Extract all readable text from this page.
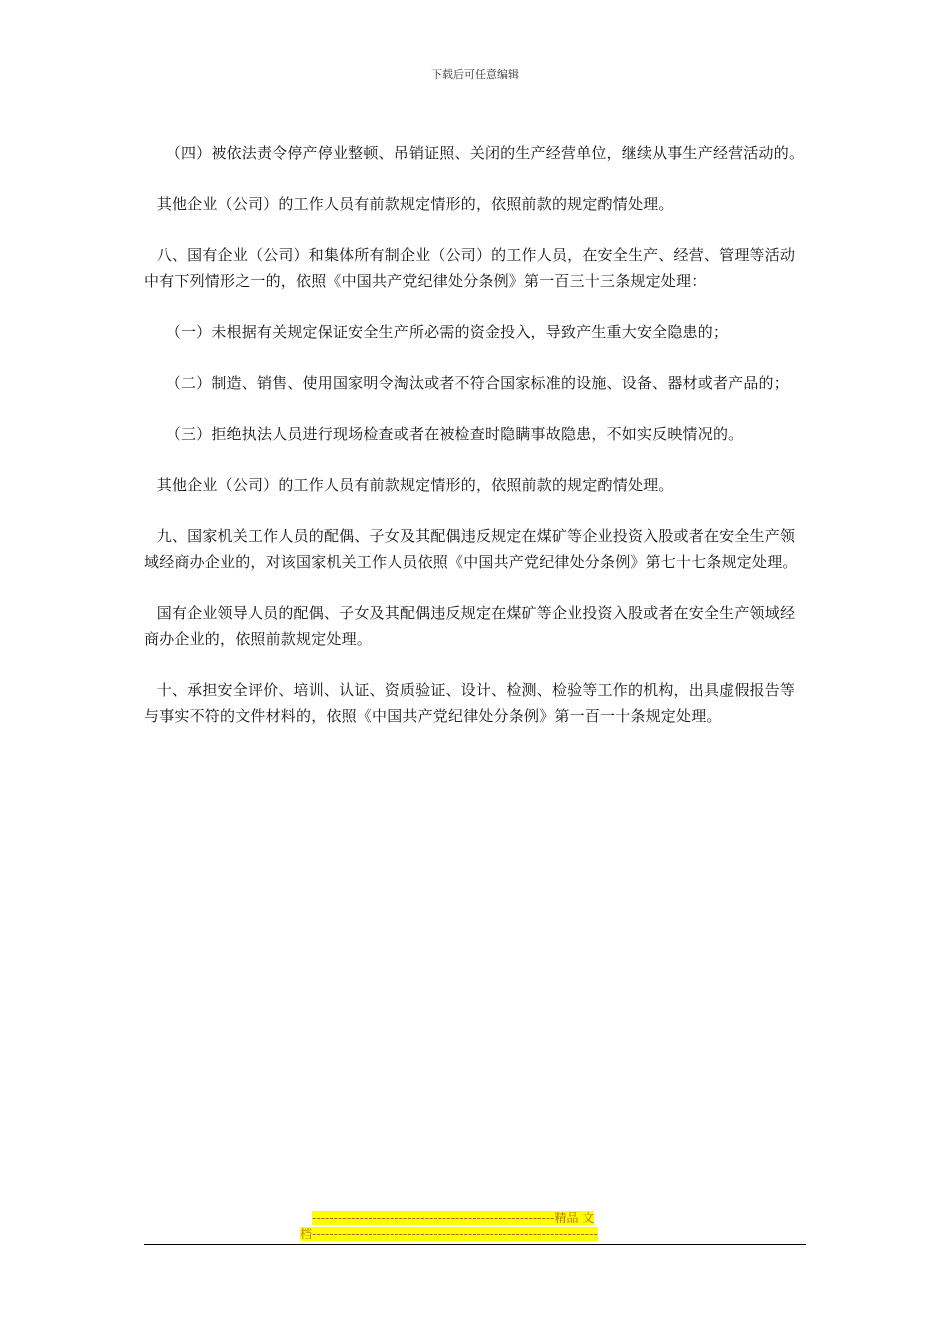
下载后可任意编辑

（四）被依法责令停产停业整顿、吊销证照、关闭的生产经营单位，继续从事生产经营活动的。

其他企业（公司）的工作人员有前款规定情形的，依照前款的规定酌情处理。

八、国有企业（公司）和集体所有制企业（公司）的工作人员，在安全生产、经营、管理等活动中有下列情形之一的，依照《中国共产党纪律处分条例》第一百三十三条规定处理：

（一）未根据有关规定保证安全生产所必需的资金投入，导致产生重大安全隐患的；

（二）制造、销售、使用国家明令淘汰或者不符合国家标准的设施、设备、器材或者产品的；

（三）拒绝执法人员进行现场检查或者在被检查时隐瞒事故隐患，不如实反映情况的。

其他企业（公司）的工作人员有前款规定情形的，依照前款的规定酌情处理。

九、国家机关工作人员的配偶、子女及其配偶违反规定在煤矿等企业投资入股或者在安全生产领域经商办企业的，对该国家机关工作人员依照《中国共产党纪律处分条例》第七十七条规定处理。

国有企业领导人员的配偶、子女及其配偶违反规定在煤矿等企业投资入股或者在安全生产领域经商办企业的，依照前款规定处理。

十、承担安全评价、培训、认证、资质验证、设计、检测、检验等工作的机构，出具虚假报告等与事实不符的文件材料的，依照《中国共产党纪律处分条例》第一百一十条规定处理。

--------------------------------------------------------精品 文
档------------------------------------------------------------------
